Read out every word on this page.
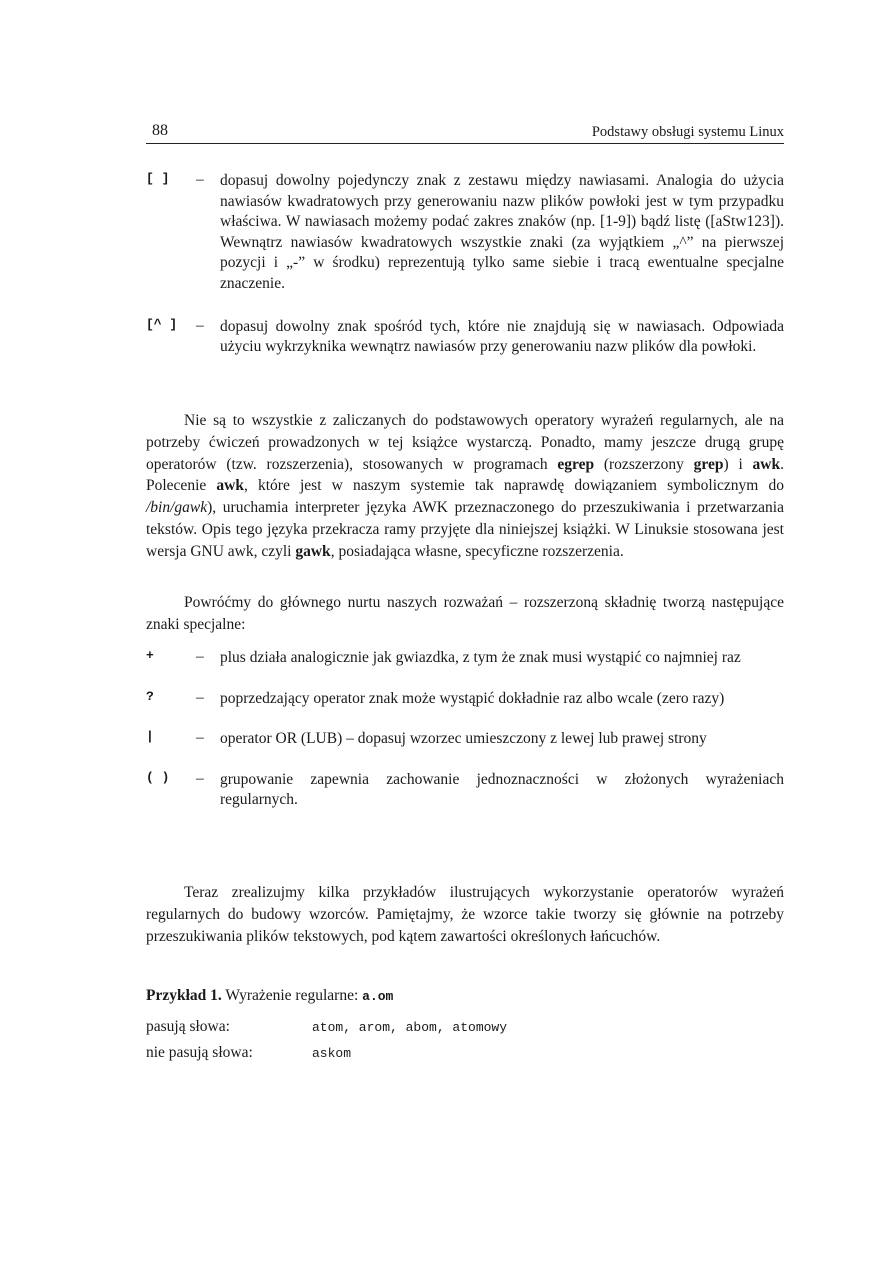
88	Podstawy obsługi systemu Linux
[ ] – dopasuj dowolny pojedynczy znak z zestawu między nawiasami. Analogia do użycia nawiasów kwadratowych przy generowaniu nazw plików powłoki jest w tym przypadku właściwa. W nawiasach możemy podać zakres znaków (np. [1-9]) bądź listę ([aStw123]). Wewnątrz nawiasów kwadratowych wszystkie znaki (za wyjątkiem „^” na pierwszej pozycji i „-” w środku) reprezentują tylko same siebie i tracą ewentualne specjalne znaczenie.
[^ ] – dopasuj dowolny znak spośród tych, które nie znajdują się w nawiasach. Odpowiada użyciu wykrzyknika wewnątrz nawiasów przy generowaniu nazw plików dla powłoki.
Nie są to wszystkie z zaliczanych do podstawowych operatory wyrażeń regularnych, ale na potrzeby ćwiczeń prowadzonych w tej książce wystarczą. Ponadto, mamy jeszcze drugą grupę operatorów (tzw. rozszerzenia), stosowanych w programach egrep (rozszerzony grep) i awk. Polecenie awk, które jest w naszym systemie tak naprawdę dowiązaniem symbolicznym do /bin/gawk), uruchamia interpreter języka AWK przeznaczonego do przeszukiwania i przetwarzania tekstów. Opis tego języka przekracza ramy przyjęte dla niniejszej książki. W Linuksie stosowana jest wersja GNU awk, czyli gawk, posiadająca własne, specyficzne rozszerzenia.
Powróćmy do głównego nurtu naszych rozważań – rozszerzoną składnię tworzą następujące znaki specjalne:
+	– plus działa analogicznie jak gwiazdka, z tym że znak musi wystąpić co najmniej raz
?	– poprzedzający operator znak może wystąpić dokładnie raz albo wcale (zero razy)
|	– operator OR (LUB) – dopasuj wzorzec umieszczony z lewej lub prawej strony
( ) – grupowanie zapewnia zachowanie jednoznaczności w złożonych wyrażeniach regularnych.
Teraz zrealizujmy kilka przykładów ilustrujących wykorzystanie operatorów wyrażeń regularnych do budowy wzorców. Pamiętajmy, że wzorce takie tworzy się głównie na potrzeby przeszukiwania plików tekstowych, pod kątem zawartości określonych łańcuchów.
Przykład 1. Wyrażenie regularne: a.om
pasują słowa:	atom, arom, abom, atomowy
nie pasują słowa:	askom
